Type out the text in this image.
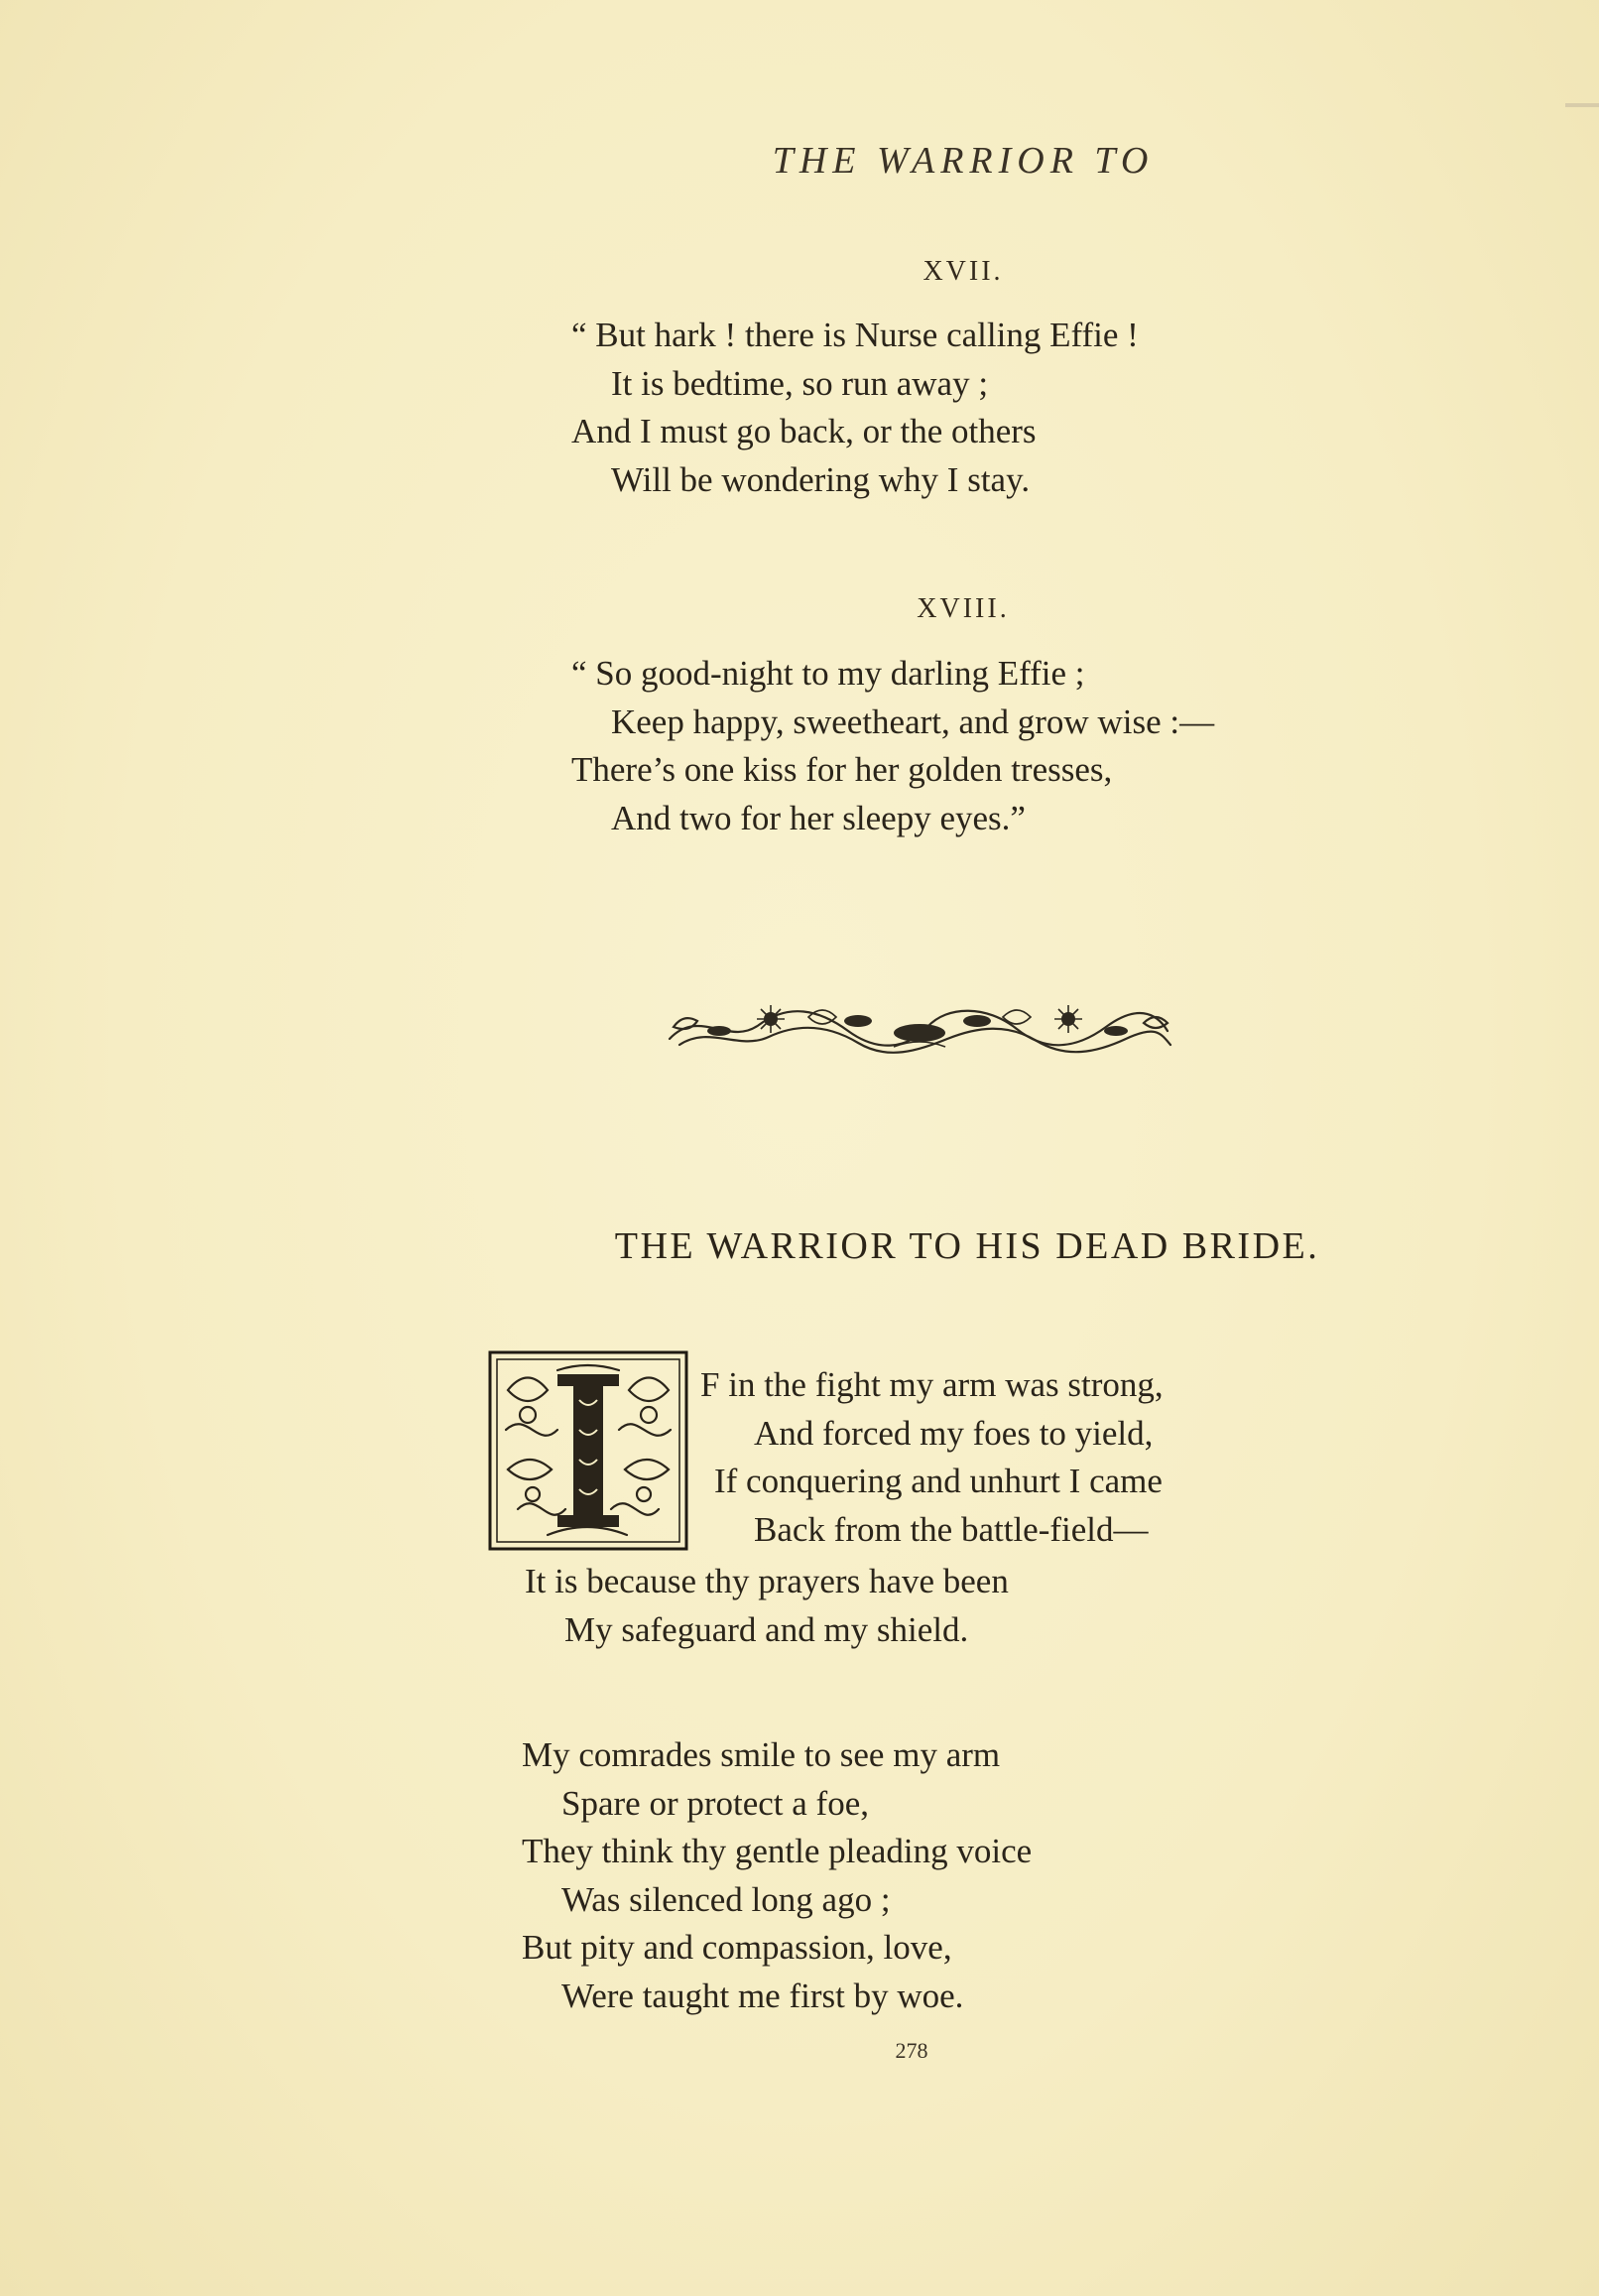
THE WARRIOR TO
XVII.
“ But hark ! there is Nurse calling Effie !
It is bedtime, so run away ;
And I must go back, or the others
Will be wondering why I stay.
XVIII.
“ So good-night to my darling Effie ;
Keep happy, sweetheart, and grow wise :—
There’s one kiss for her golden tresses,
And two for her sleepy eyes.”
THE WARRIOR TO HIS DEAD BRIDE.
F in the fight my arm was strong,
And forced my foes to yield,
If conquering and unhurt I came
Back from the battle-field—
It is because thy prayers have been
My safeguard and my shield.
My comrades smile to see my arm
Spare or protect a foe,
They think thy gentle pleading voice
Was silenced long ago ;
But pity and compassion, love,
Were taught me first by woe.
278
